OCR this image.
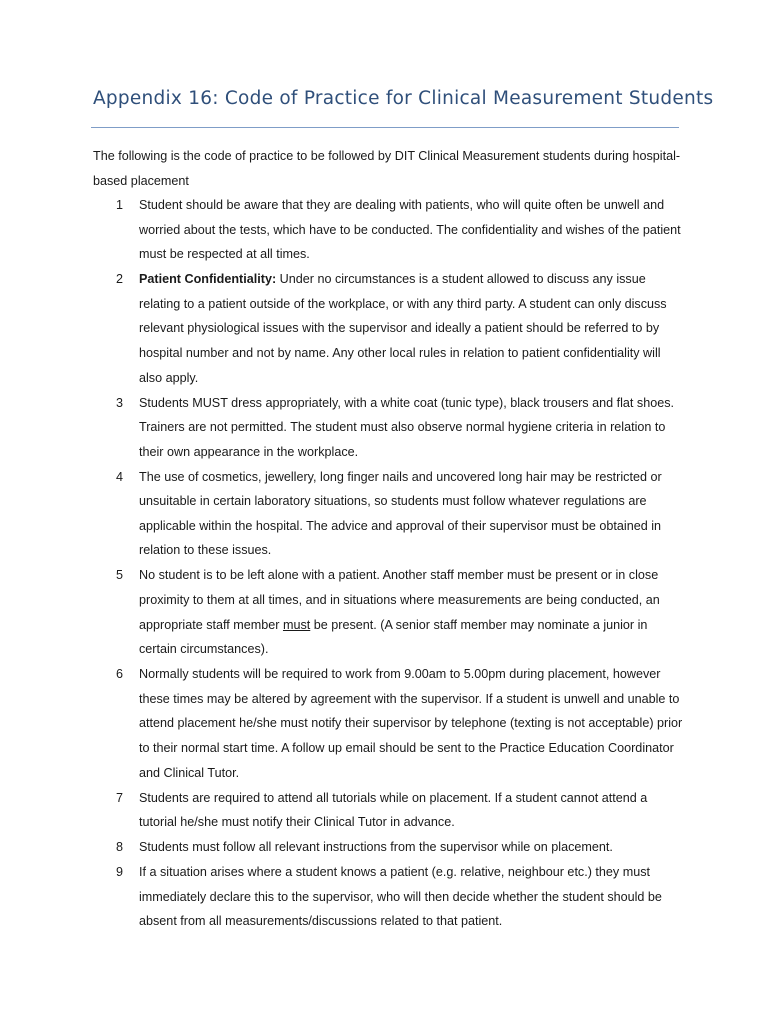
Appendix 16: Code of Practice for Clinical Measurement Students

The following is the code of practice to be followed by DIT Clinical Measurement students during hospital-based placement

1 Student should be aware that they are dealing with patients, who will quite often be unwell and worried about the tests, which have to be conducted. The confidentiality and wishes of the patient must be respected at all times.
2 Patient Confidentiality: Under no circumstances is a student allowed to discuss any issue relating to a patient outside of the workplace, or with any third party. A student can only discuss relevant physiological issues with the supervisor and ideally a patient should be referred to by hospital number and not by name. Any other local rules in relation to patient confidentiality will also apply.
3 Students MUST dress appropriately, with a white coat (tunic type), black trousers and flat shoes. Trainers are not permitted. The student must also observe normal hygiene criteria in relation to their own appearance in the workplace.
4 The use of cosmetics, jewellery, long finger nails and uncovered long hair may be restricted or unsuitable in certain laboratory situations, so students must follow whatever regulations are applicable within the hospital. The advice and approval of their supervisor must be obtained in relation to these issues.
5 No student is to be left alone with a patient. Another staff member must be present or in close proximity to them at all times, and in situations where measurements are being conducted, an appropriate staff member must be present. (A senior staff member may nominate a junior in certain circumstances).
6 Normally students will be required to work from 9.00am to 5.00pm during placement, however these times may be altered by agreement with the supervisor. If a student is unwell and unable to attend placement he/she must notify their supervisor by telephone (texting is not acceptable) prior to their normal start time. A follow up email should be sent to the Practice Education Coordinator and Clinical Tutor.
7 Students are required to attend all tutorials while on placement. If a student cannot attend a tutorial he/she must notify their Clinical Tutor in advance.
8 Students must follow all relevant instructions from the supervisor while on placement.
9 If a situation arises where a student knows a patient (e.g. relative, neighbour etc.) they must immediately declare this to the supervisor, who will then decide whether the student should be absent from all measurements/discussions related to that patient.
